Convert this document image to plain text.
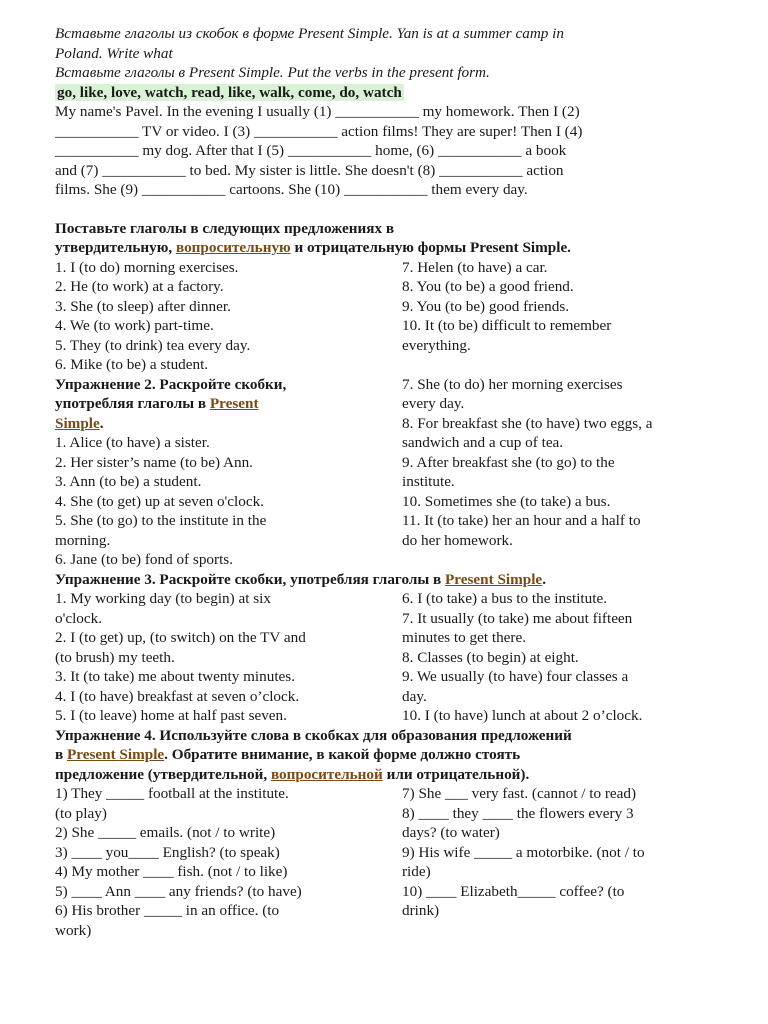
Вставьте глаголы из скобок в форме Present Simple. Yan is at a summer camp in
Poland. Write what
Вставьте глаголы в Present Simple. Put the verbs in the present form.
go, like, love, watch, read, like, walk, come, do, watch
My name's Pavel. In the evening I usually (1) ___________ my homework. Then I (2)
___________ TV or video. I (3) ___________ action films! They are super! Then I (4)
___________ my dog. After that I (5) ___________ home, (6) ___________ a book
and (7) ___________ to bed. My sister is little. She doesn't (8) ___________ action
films. She (9) ___________ cartoons. She (10) ___________ them every day.
Поставьте глаголы в следующих предложениях в
утвердительную, вопросительную и отрицательную формы Present Simple.
1. I (to do) morning exercises.
2. He (to work) at a factory.
3. She (to sleep) after dinner.
4. We (to work) part-time.
5. They (to drink) tea every day.
6. Mike (to be) a student.
7. Helen (to have) a car.
8. You (to be) a good friend.
9. You (to be) good friends.
10. It (to be) difficult to remember
everything.
Упражнение 2. Раскройте скобки,
употребляя глаголы в Present
Simple.
1. Alice (to have) a sister.
2. Her sister’s name (to be) Ann.
3. Ann (to be) a student.
4. She (to get) up at seven o'clock.
5. She (to go) to the institute in the
morning.
6. Jane (to be) fond of sports.
7. She (to do) her morning exercises
every day.
8. For breakfast she (to have) two eggs, a
sandwich and a cup of tea.
9. After breakfast she (to go) to the
institute.
10. Sometimes she (to take) a bus.
11. It (to take) her an hour and a half to
do her homework.
Упражнение 3. Раскройте скобки, употребляя глаголы в Present Simple.
1. My working day (to begin) at six
o'clock.
2. I (to get) up, (to switch) on the TV and
(to brush) my teeth.
3. It (to take) me about twenty minutes.
4. I (to have) breakfast at seven o’clock.
5. I (to leave) home at half past seven.
6. I (to take) a bus to the institute.
7. It usually (to take) me about fifteen
minutes to get there.
8. Classes (to begin) at eight.
9. We usually (to have) four classes a
day.
10. I (to have) lunch at about 2 o’clock.
Упражнение 4. Используйте слова в скобках для образования предложений
в Present Simple. Обратите внимание, в какой форме должно стоять
предложение (утвердительной, вопросительной или отрицательной).
1) They _____ football at the institute.
(to play)
2) She _____ emails. (not / to write)
3) ____ you____ English? (to speak)
4) My mother ____ fish. (not / to like)
5) ____ Ann ____ any friends? (to have)
6) His brother _____ in an office. (to
work)
7) She ___ very fast. (cannot / to read)
8) ____ they ____ the flowers every 3
days? (to water)
9) His wife _____ a motorbike. (not / to
ride)
10) ____ Elizabeth_____ coffee? (to
drink)
